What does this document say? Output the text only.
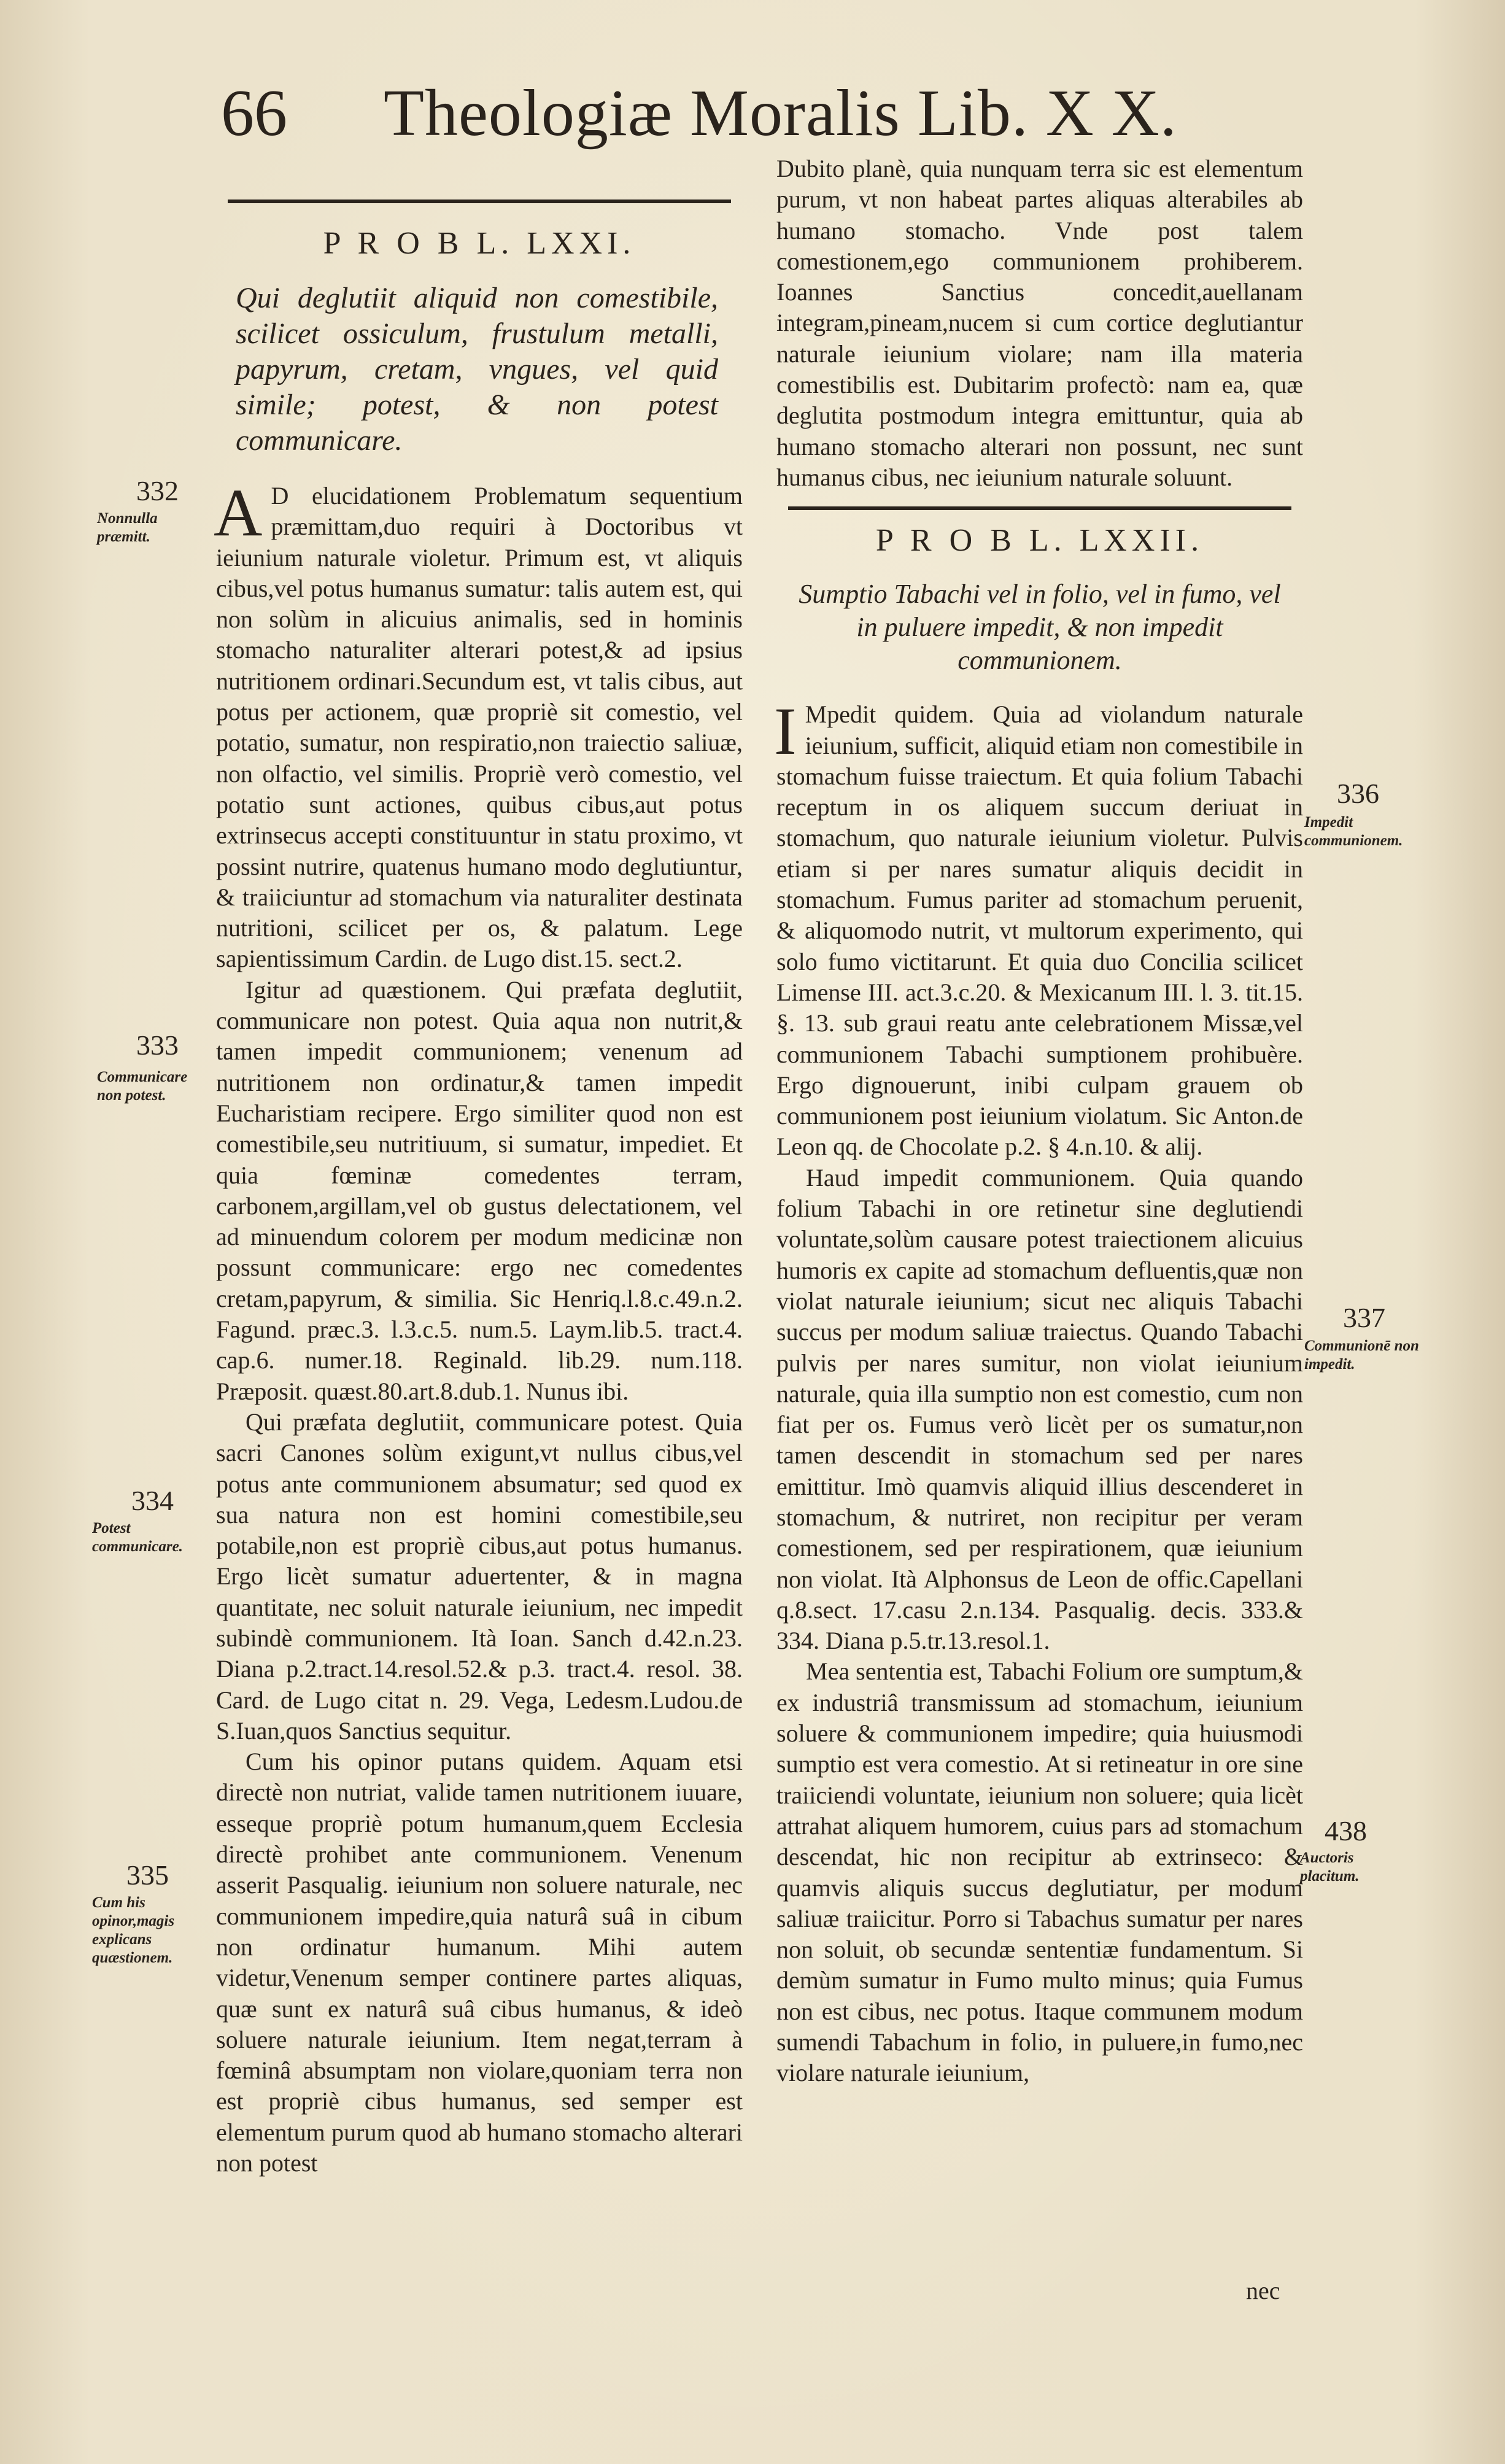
66 Theologiæ Moralis Lib. X X.
P R O B L. LXXI.
Qui deglutiit aliquid non comestibile, scilicet ossiculum, frustulum metalli, papyrum, cretam, vngues, vel quid simile; potest, & non potest communicare.

A D elucidationem Problematum sequentium præmittam,duo requiri à Doctoribus vt ieiunium naturale violetur. Primum est, vt aliquis cibus,vel potus humanus sumatur: talis autem est, qui non solùm in alicuius animalis, sed in hominis stomacho naturaliter alterari potest,& ad ipsius nutritionem ordinari.Secundum est, vt talis cibus, aut potus per actionem, quæ propriè sit comestio, vel potatio, sumatur, non respiratio,non traiectio saliuæ, non olfactio, vel similis. Propriè verò comestio, vel potatio sunt actiones, quibus cibus,aut potus extrinsecus accepti constituuntur in statu proximo, vt possint nutrire, quatenus humano modo deglutiuntur, & traiiciuntur ad stomachum via naturaliter destinata nutritioni, scilicet per os, & palatum. Lege sapientissimum Cardin. de Lugo dist.15. sect.2.

Igitur ad quæstionem. Qui præfata deglutiit, communicare non potest. Quia aqua non nutrit,& tamen impedit communionem; venenum ad nutritionem non ordinatur,& tamen impedit Eucharistiam recipere. Ergo similiter quod non est comestibile,seu nutritiuum, si sumatur, impediet. Et quia fœminæ comedentes terram, carbonem,argillam,vel ob gustus delectationem, vel ad minuendum colorem per modum medicinæ non possunt communicare: ergo nec comedentes cretam,papyrum, & similia. Sic Henriq.l.8.c.49.n.2. Fagund. præc.3. l.3.c.5. num.5. Laym.lib.5. tract.4. cap.6. numer.18. Reginald. lib.29. num.118. Præposit. quæst.80.art.8.dub.1. Nunus ibi.

Qui præfata deglutiit, communicare potest. Quia sacri Canones solùm exigunt,vt nullus cibus,vel potus ante communionem absumatur; sed quod ex sua natura non est homini comestibile,seu potabile,non est propriè cibus,aut potus humanus. Ergo licèt sumatur aduertenter, & in magna quantitate, nec soluit naturale ieiunium, nec impedit subindè communionem. Ità Ioan. Sanch d.42.n.23. Diana p.2.tract.14.resol.52.& p.3. tract.4. resol. 38. Card. de Lugo citat n. 29. Vega, Ledesm.Ludou.de S.Iuan,quos Sanctius sequitur.

Cum his opinor putans quidem. Aquam etsi directè non nutriat, valide tamen nutritionem iuuare, esseque propriè potum humanum,quem Ecclesia directè prohibet ante communionem. Venenum asserit Pasqualig. ieiunium non soluere naturale, nec communionem impedire,quia naturâ suâ in cibum non ordinatur humanum. Mihi autem videtur,Venenum semper continere partes aliquas, quæ sunt ex naturâ suâ cibus humanus, & ideò soluere naturale ieiunium. Item negat,terram à fœminâ absumptam non violare,quoniam terra non est propriè cibus humanus, sed semper est elementum purum quod ab humano stomacho alterari non potest

Dubito planè, quia nunquam terra sic est elementum purum, vt non habeat partes aliquas alterabiles ab humano stomacho. Vnde post talem comestionem,ego communionem prohiberem. Ioannes Sanctius concedit,auellanam integram,pineam,nucem si cum cortice deglutiantur naturale ieiunium violare; nam illa materia comestibilis est. Dubitarim profectò: nam ea, quæ deglutita postmodum integra emittuntur, quia ab humano stomacho alterari non possunt, nec sunt humanus cibus, nec ieiunium naturale soluunt.

P R O B L. LXXII.
Sumptio Tabachi vel in folio, vel in fumo, vel in puluere impedit, & non impedit communionem.

I Mpedit quidem. Quia ad violandum naturale ieiunium, sufficit, aliquid etiam non comestibile in stomachum fuisse traiectum. Et quia folium Tabachi receptum in os aliquem succum deriuat in stomachum, quo naturale ieiunium violetur. Pulvis etiam si per nares sumatur aliquis decidit in stomachum. Fumus pariter ad stomachum peruenit, & aliquomodo nutrit, vt multorum experimento, qui solo fumo victitarunt. Et quia duo Concilia scilicet Limense III. act.3.c.20. & Mexicanum III. l. 3. tit.15. §. 13. sub graui reatu ante celebrationem Missæ,vel communionem Tabachi sumptionem prohibuère. Ergo dignouerunt, inibi culpam grauem ob communionem post ieiunium violatum. Sic Anton.de Leon qq. de Chocolate p.2. § 4.n.10. & alij.

Haud impedit communionem. Quia quando folium Tabachi in ore retinetur sine deglutiendi voluntate,solùm causare potest traiectionem alicuius humoris ex capite ad stomachum defluentis,quæ non violat naturale ieiunium; sicut nec aliquis Tabachi succus per modum saliuæ traiectus. Quando Tabachi pulvis per nares sumitur, non violat ieiunium naturale, quia illa sumptio non est comestio, cum non fiat per os. Fumus verò licèt per os sumatur,non tamen descendit in stomachum sed per nares emittitur. Imò quamvis aliquid illius descenderet in stomachum, & nutriret, non recipitur per veram comestionem, sed per respirationem, quæ ieiunium non violat. Ità Alphonsus de Leon de offic.Capellani q.8.sect. 17.casu 2.n.134. Pasqualig. decis. 333.& 334. Diana p.5.tr.13.resol.1.

Mea sententia est, Tabachi Folium ore sumptum,& ex industriâ transmissum ad stomachum, ieiunium soluere & communionem impedire; quia huiusmodi sumptio est vera comestio. At si retineatur in ore sine traiiciendi voluntate, ieiunium non soluere; quia licèt attrahat aliquem humorem, cuius pars ad stomachum descendat, hic non recipitur ab extrinseco: & quamvis aliquis succus deglutiatur, per modum saliuæ traiicitur. Porro si Tabachus sumatur per nares non soluit, ob secundæ sententiæ fundamentum. Si demùm sumatur in Fumo multo minus; quia Fumus non est cibus, nec potus. Itaque communem modum sumendi Tabachum in folio, in puluere,in fumo,nec violare naturale ieiunium,

nec
332
333
334
335
336
337
438
Nonnulla præmitt.
Communicare non potest.
Potest communicare.
Cum his opinor,magis explicans quæstionem.
Impedit communionem.
Communionē non impedit.
Auctoris placitum.
